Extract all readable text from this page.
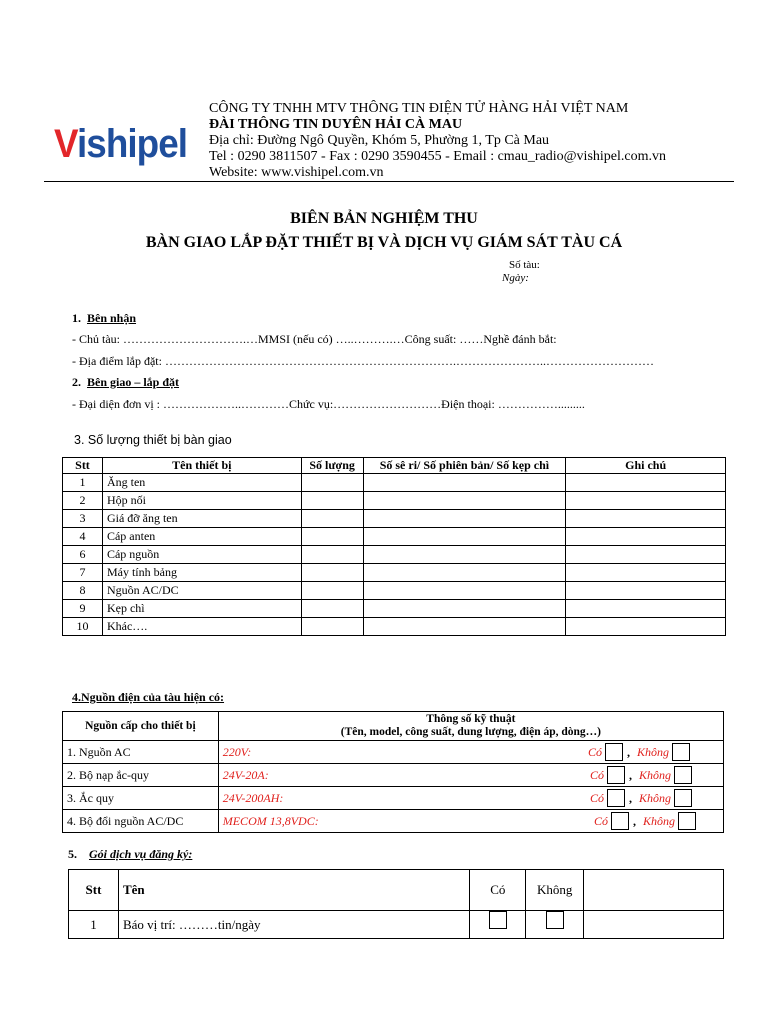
Vishipel
CÔNG TY TNHH MTV THÔNG TIN ĐIỆN TỬ HÀNG HẢI VIỆT NAM
ĐÀI THÔNG TIN DUYÊN HẢI CÀ MAU
Địa chỉ: Đường Ngô Quyền, Khóm 5, Phường 1, Tp Cà Mau
Tel : 0290 3811507 - Fax : 0290 3590455 - Email : cmau_radio@vishipel.com.vn
Website: www.vishipel.com.vn
BIÊN BẢN NGHIỆM THU
BÀN GIAO LẮP ĐẶT THIẾT BỊ VÀ DỊCH VỤ GIÁM SÁT TÀU CÁ
Số tàu:
Ngày:
1. Bên nhận
- Chủ tàu: ………………………….…MMSI (nếu có) …..……….…Công suất: ……Nghề đánh bắt:
- Địa điểm lắp đặt: ……………………………………………………………….…………………..………………………
2. Bên giao – lắp đặt
- Đại diện đơn vị : ………………..…………Chức vụ:………………………Điện thoại: …………….........
3. Số lượng thiết bị bàn giao
Stt	Tên thiết bị	Số lượng	Số sê ri/ Số phiên bản/ Số kẹp chì	Ghi chú
1	Ăng ten			
2	Hộp nối			
3	Giá đỡ ăng ten			
4	Cáp anten			
6	Cáp nguồn			
7	Máy tính bảng			
8	Nguồn AC/DC			
9	Kẹp chì			
10	Khác….			
4.Nguồn điện của tàu hiện có:
Nguồn cấp cho thiết bị	Thông số kỹ thuật
(Tên, model, công suất, dung lượng, điện áp, dòng…)

1. Nguồn AC	220V: Có , Không

2. Bộ nạp ắc-quy	24V-20A: Có , Không

3. Ắc quy	24V-200AH: Có , Không

4. Bộ đổi nguồn AC/DC	MECOM 13,8VDC: Có , Không
5. Gói dịch vụ đăng ký:
Stt	Tên	Có	Không	
1	Báo vị trí: ………tin/ngày			
